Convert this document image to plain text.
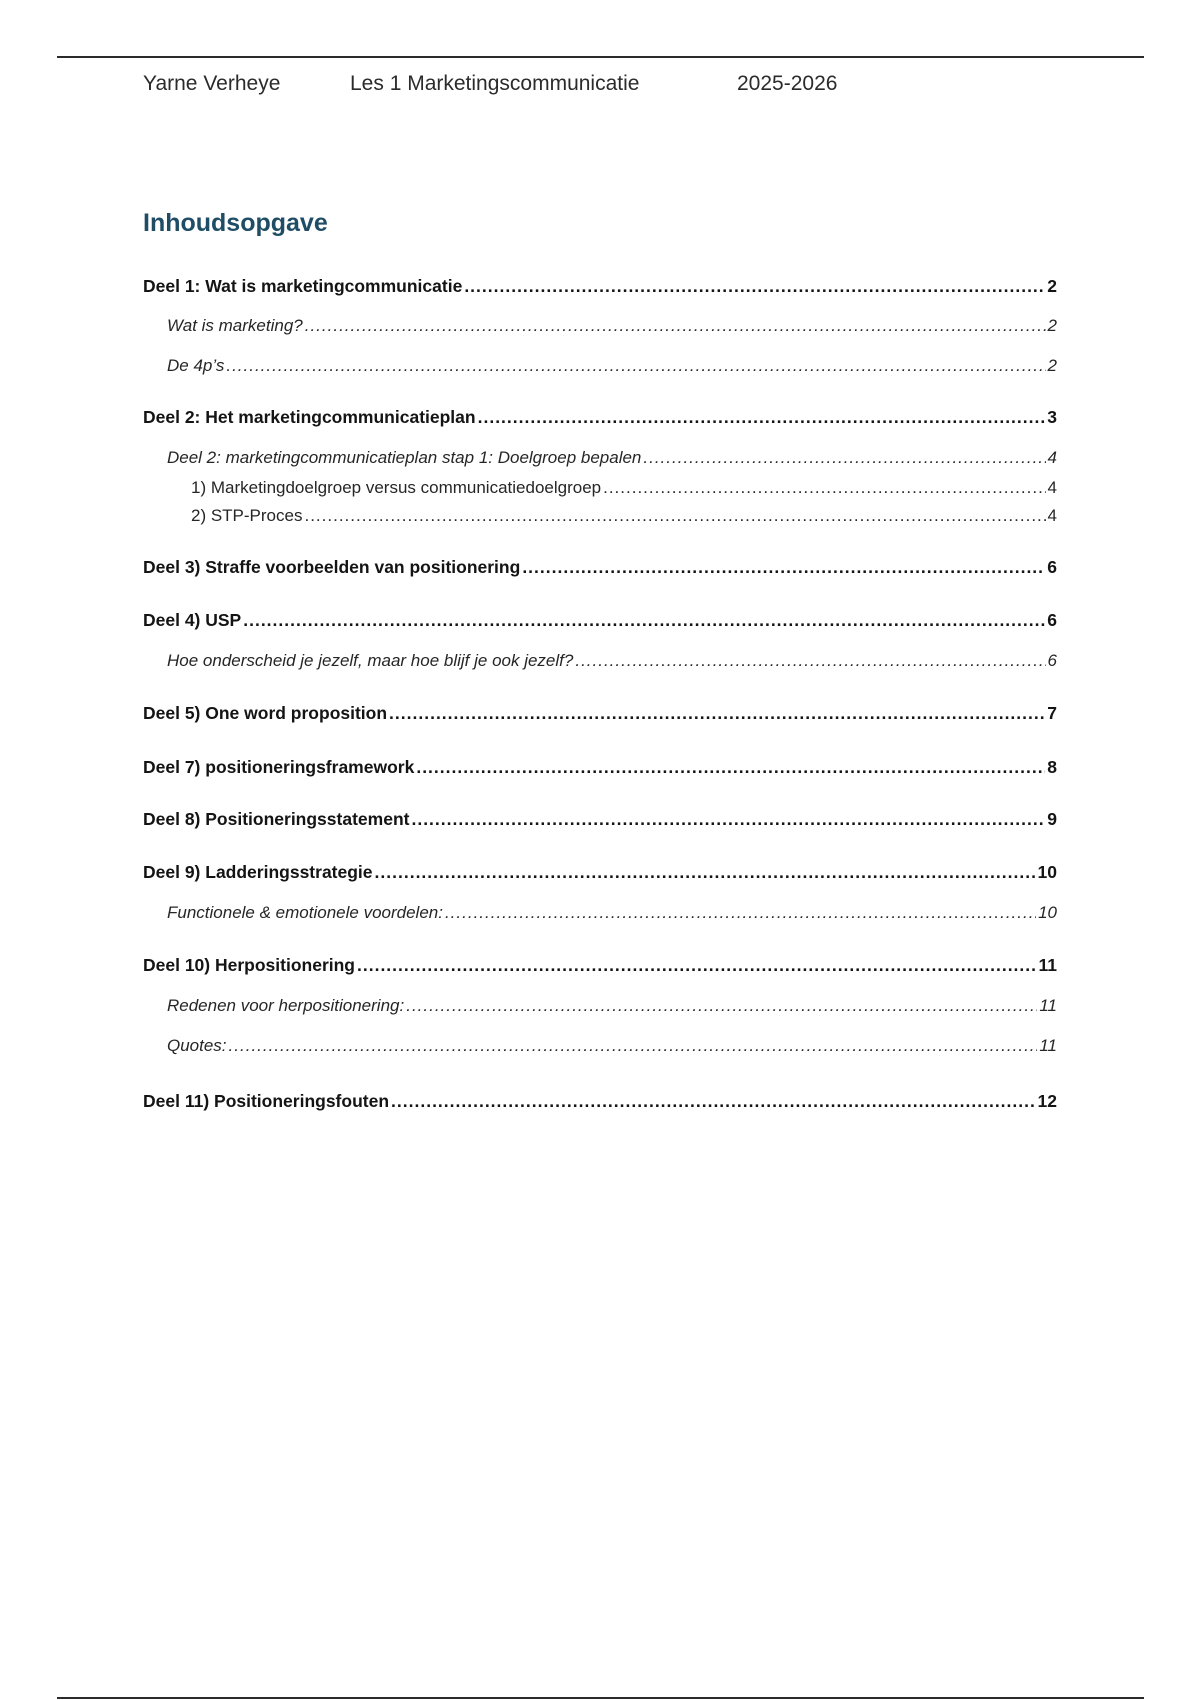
Yarne Verheye	Les 1 Marketingscommunicatie	2025-2026
Inhoudsopgave
Deel 1: Wat is marketingcommunicatie .....	2
Wat is marketing? .....	2
De 4p’s .....	2
Deel 2: Het marketingcommunicatieplan .....	3
Deel 2: marketingcommunicatieplan stap 1: Doelgroep bepalen .....	4
1) Marketingdoelgroep versus communicatiedoelgroep .....	4
2) STP-Proces .....	4
Deel 3) Straffe voorbeelden van positionering .....	6
Deel 4) USP .....	6
Hoe onderscheid je jezelf, maar hoe blijf je ook jezelf? .....	6
Deel 5) One word proposition .....	7
Deel 7) positioneringsframework .....	8
Deel 8) Positioneringsstatement .....	9
Deel 9) Ladderingsstrategie .....	10
Functionele & emotionele voordelen: .....	10
Deel 10) Herpositionering .....	11
Redenen voor herpositionering: .....	11
Quotes: .....	11
Deel 11) Positioneringsfouten .....	12
